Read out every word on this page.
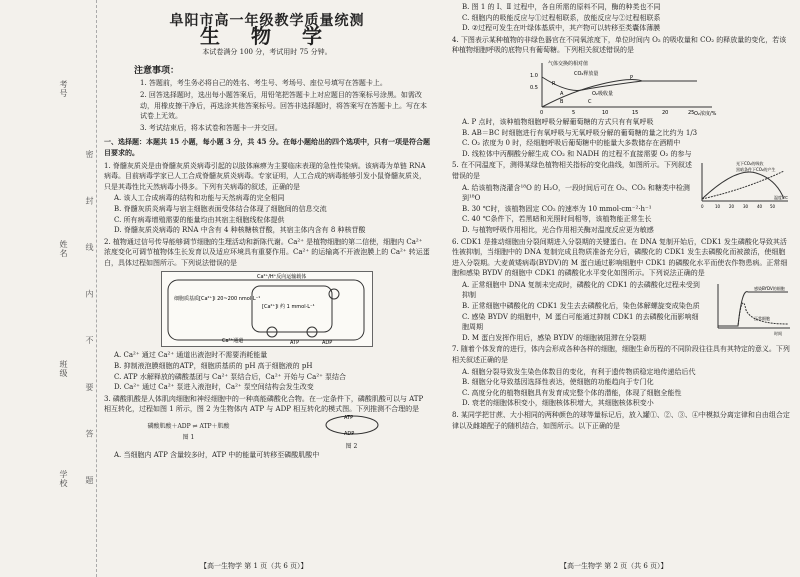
考号
姓名
班级
学校 密 封 线 内 不 要 答 题
阜阳市高一年级教学质量统测
生 物 学
本试卷满分 100 分，考试用时 75 分钟。
注意事项：

1. 答题前，考生务必将自己的姓名、考生号、考场号、座位号填写在答题卡上。

2. 回答选择题时，选出每小题答案后，用铅笔把答题卡上对应题目的答案标号涂黑。如需改动，用橡皮擦干净后，再选涂其他答案标号。回答非选择题时，将答案写在答题卡上。写在本试卷上无效。

3. 考试结束后，将本试卷和答题卡一并交回。

一、选择题：本题共 15 小题，每小题 3 分，共 45 分。在每小题给出的四个选项中，只有一项是符合题目要求的。
1. 脊髓灰质炎是由脊髓灰质炎病毒引起的以肢体麻痹为主要临床表现的急性传染病。该病毒为单链 RNA 病毒。目前病毒学家已人工合成脊髓灰质炎病毒。专家证明，人工合成的病毒能够引发小鼠脊髓灰质炎，只是其毒性比天然病毒小得多。下列有关病毒的叙述，正确的是
A. 该人工合成病毒的结构和功能与天然病毒的完全相同
B. 脊髓灰质炎病毒与宿主细胞表面受体结合体现了细胞间的信息交流
C. 所有病毒增殖需要的能量均由其宿主细胞线粒体提供
D. 脊髓灰质炎病毒的 RNA 中含有 4 种核糖核苷酸，其宿主体内含有 8 种核苷酸
2. 植物通过信号传导能够调节细胞的生理活动和新陈代谢。Ca²⁺ 是植物细胞的第二信使，细胞内 Ca²⁺ 浓度变化可调节植物体生长发育以及适应环境具有重要作用。Ca²⁺ 的运输离不开液泡膜上的 Ca²⁺ 转运蛋白，具体过程如图所示。下列说法错误的是
Ca²⁺/H⁺反向运输载体
[Ca²⁺]i 约 1 mmol·L⁻¹
细胞质基质[Ca²⁺]i 20~200 nmol·L⁻¹
Ca²⁺通道	ATP	ADP
A. Ca²⁺ 通过 Ca²⁺ 通道出液泡时不需要消耗能量
B. 抑制液泡膜细胞的ATP，细胞质基质的 pH 高于细胞液的 pH
C. ATP 水解释放的磷酸基团与 Ca²⁺ 泵结合后，Ca²⁺ 开始与 Ca²⁺ 泵结合
D. Ca²⁺ 通过 Ca²⁺ 泵进入液泡时，Ca²⁺ 泵空间结构会发生改变
3. 磷酸肌酸是人体肌肉细胞和神经细胞中的一种高能磷酸化合物。在一定条件下，磷酸肌酸可以与 ATP 相互转化，过程如图 1 所示，图 2 为生物体内 ATP 与 ADP 相互转化的模式图。下列推测不合理的是
磷酸肌酸＋ADP ⇌ ATP＋肌酸
图 1
ATP
ADP
图 2
A. 当细胞内 ATP 含量较多时，ATP 中的能量可转移至磷酸肌酸中
【高一生物学 第 1 页（共 6 页）】
B. 图 1 的 Ⅰ、Ⅱ 过程中，各自所需的原料不同，酶的种类也不同
C. 细胞内的吸能反应与①过程相联系，放能反应与②过程相联系
D. ②过程可发生在叶绿体基质中，其产物可以转移至类囊体薄膜
4. 下图表示某种植物的非绿色器官在不同氧浓度下，单位时间内 O₂ 的吸收量和 CO₂ 的释放量的变化，若该种植物细胞呼吸的底物只有葡萄糖。下列相关叙述错误的是
气体交换的相对值
O₂浓度/%
CO₂释放量
O₂吸收量
0.5
1.0
0	5	10	15	20	25
R
P
A
B	C
A. P 点时，该种植物细胞呼吸分解葡萄糖的方式只有有氧呼吸
B. AB＝BC 时细胞进行有氧呼吸与无氧呼吸分解的葡萄糖的量之比约为 1/3
C. O₂ 浓度为 0 时，经细胞呼吸后葡萄糖中的能量大多数储存在酒精中
D. 线粒体中丙酮酸分解生成 CO₂ 和 NADH 的过程不直接需要 O₂ 的参与
5. 在不同温度下，测得某绿色植物相关指标的变化曲线，如图所示。下列叙述错误的是
A. 给该植物浇灌含¹⁸O 的 H₂O，一段时间后可在 O₂、CO₂ 和糖类中检测到¹⁸O
B. 30 ℃时，该植物固定 CO₂ 的速率为 10 mmol·cm⁻²·h⁻¹
C. 40 ℃条件下，若黑暗和光照时间相等，该植物能正常生长
D. 与植物呼吸作用相比，光合作用相关酶对温度反应更为敏感
光下CO₂的吸收
黑暗条件下CO₂的产生
0	10 20 30 40 50
温度/℃
6. CDK1 是推动细胞由分裂间期进入分裂期的关键蛋白。在 DNA 复制开始后，CDK1 发生磷酸化导致其活性被抑制，当细胞中的 DNA 复制完成且物质准备充分后，磷酸化的 CDK1 发生去磷酸化而被激活，使细胞进入分裂期。大麦黄矮病毒(BYDV)的 M 蛋白通过影响细胞中 CDK1 的磷酸化水平而使农作物患病。正常细胞和感染 BYDV 的细胞中 CDK1 的磷酸化水平变化如图所示。下列说法正确的是
A. 正常细胞中 DNA 复制未完成时，磷酸化的 CDK1 的去磷酸化过程未受到抑制
B. 正常细胞中磷酸化的 CDK1 发生去去磷酸化后，染色体解螺旋变成染色质
C. 感染 BYDV 的细胞中，M 蛋白可能通过抑制 CDK1 的去磷酸化而影响细胞周期
D. M 蛋白发挥作用后，感染 BYDV 的细胞被阻滞在分裂期
感染BYDV的细胞
正常细胞
时间
7. 随着个体发育的进行，体内会形成各种各样的细胞，细胞生命历程的不同阶段往往具有其特定的意义。下列相关叙述正确的是
A. 细胞分裂导致发生染色体数目的变化，有利于遗传物质稳定地传递给后代
B. 细胞分化导致基因选择性表达，使细胞的功能趋向于专门化
C. 高度分化的植物细胞具有发育成完整个体的潜能，体现了细胞全能性
D. 衰老的细胞体积变小，细胞核体积增大，其细胞核体积变小
8. 某同学把甘蔗、大小相同的两种颜色的球等量标记后，放入罐①、②、③、④中模拟分离定律和自由组合定律以及雌雄配子的随机结合，如图所示。以下正确的是
【高一生物学 第 2 页（共 6 页）】
